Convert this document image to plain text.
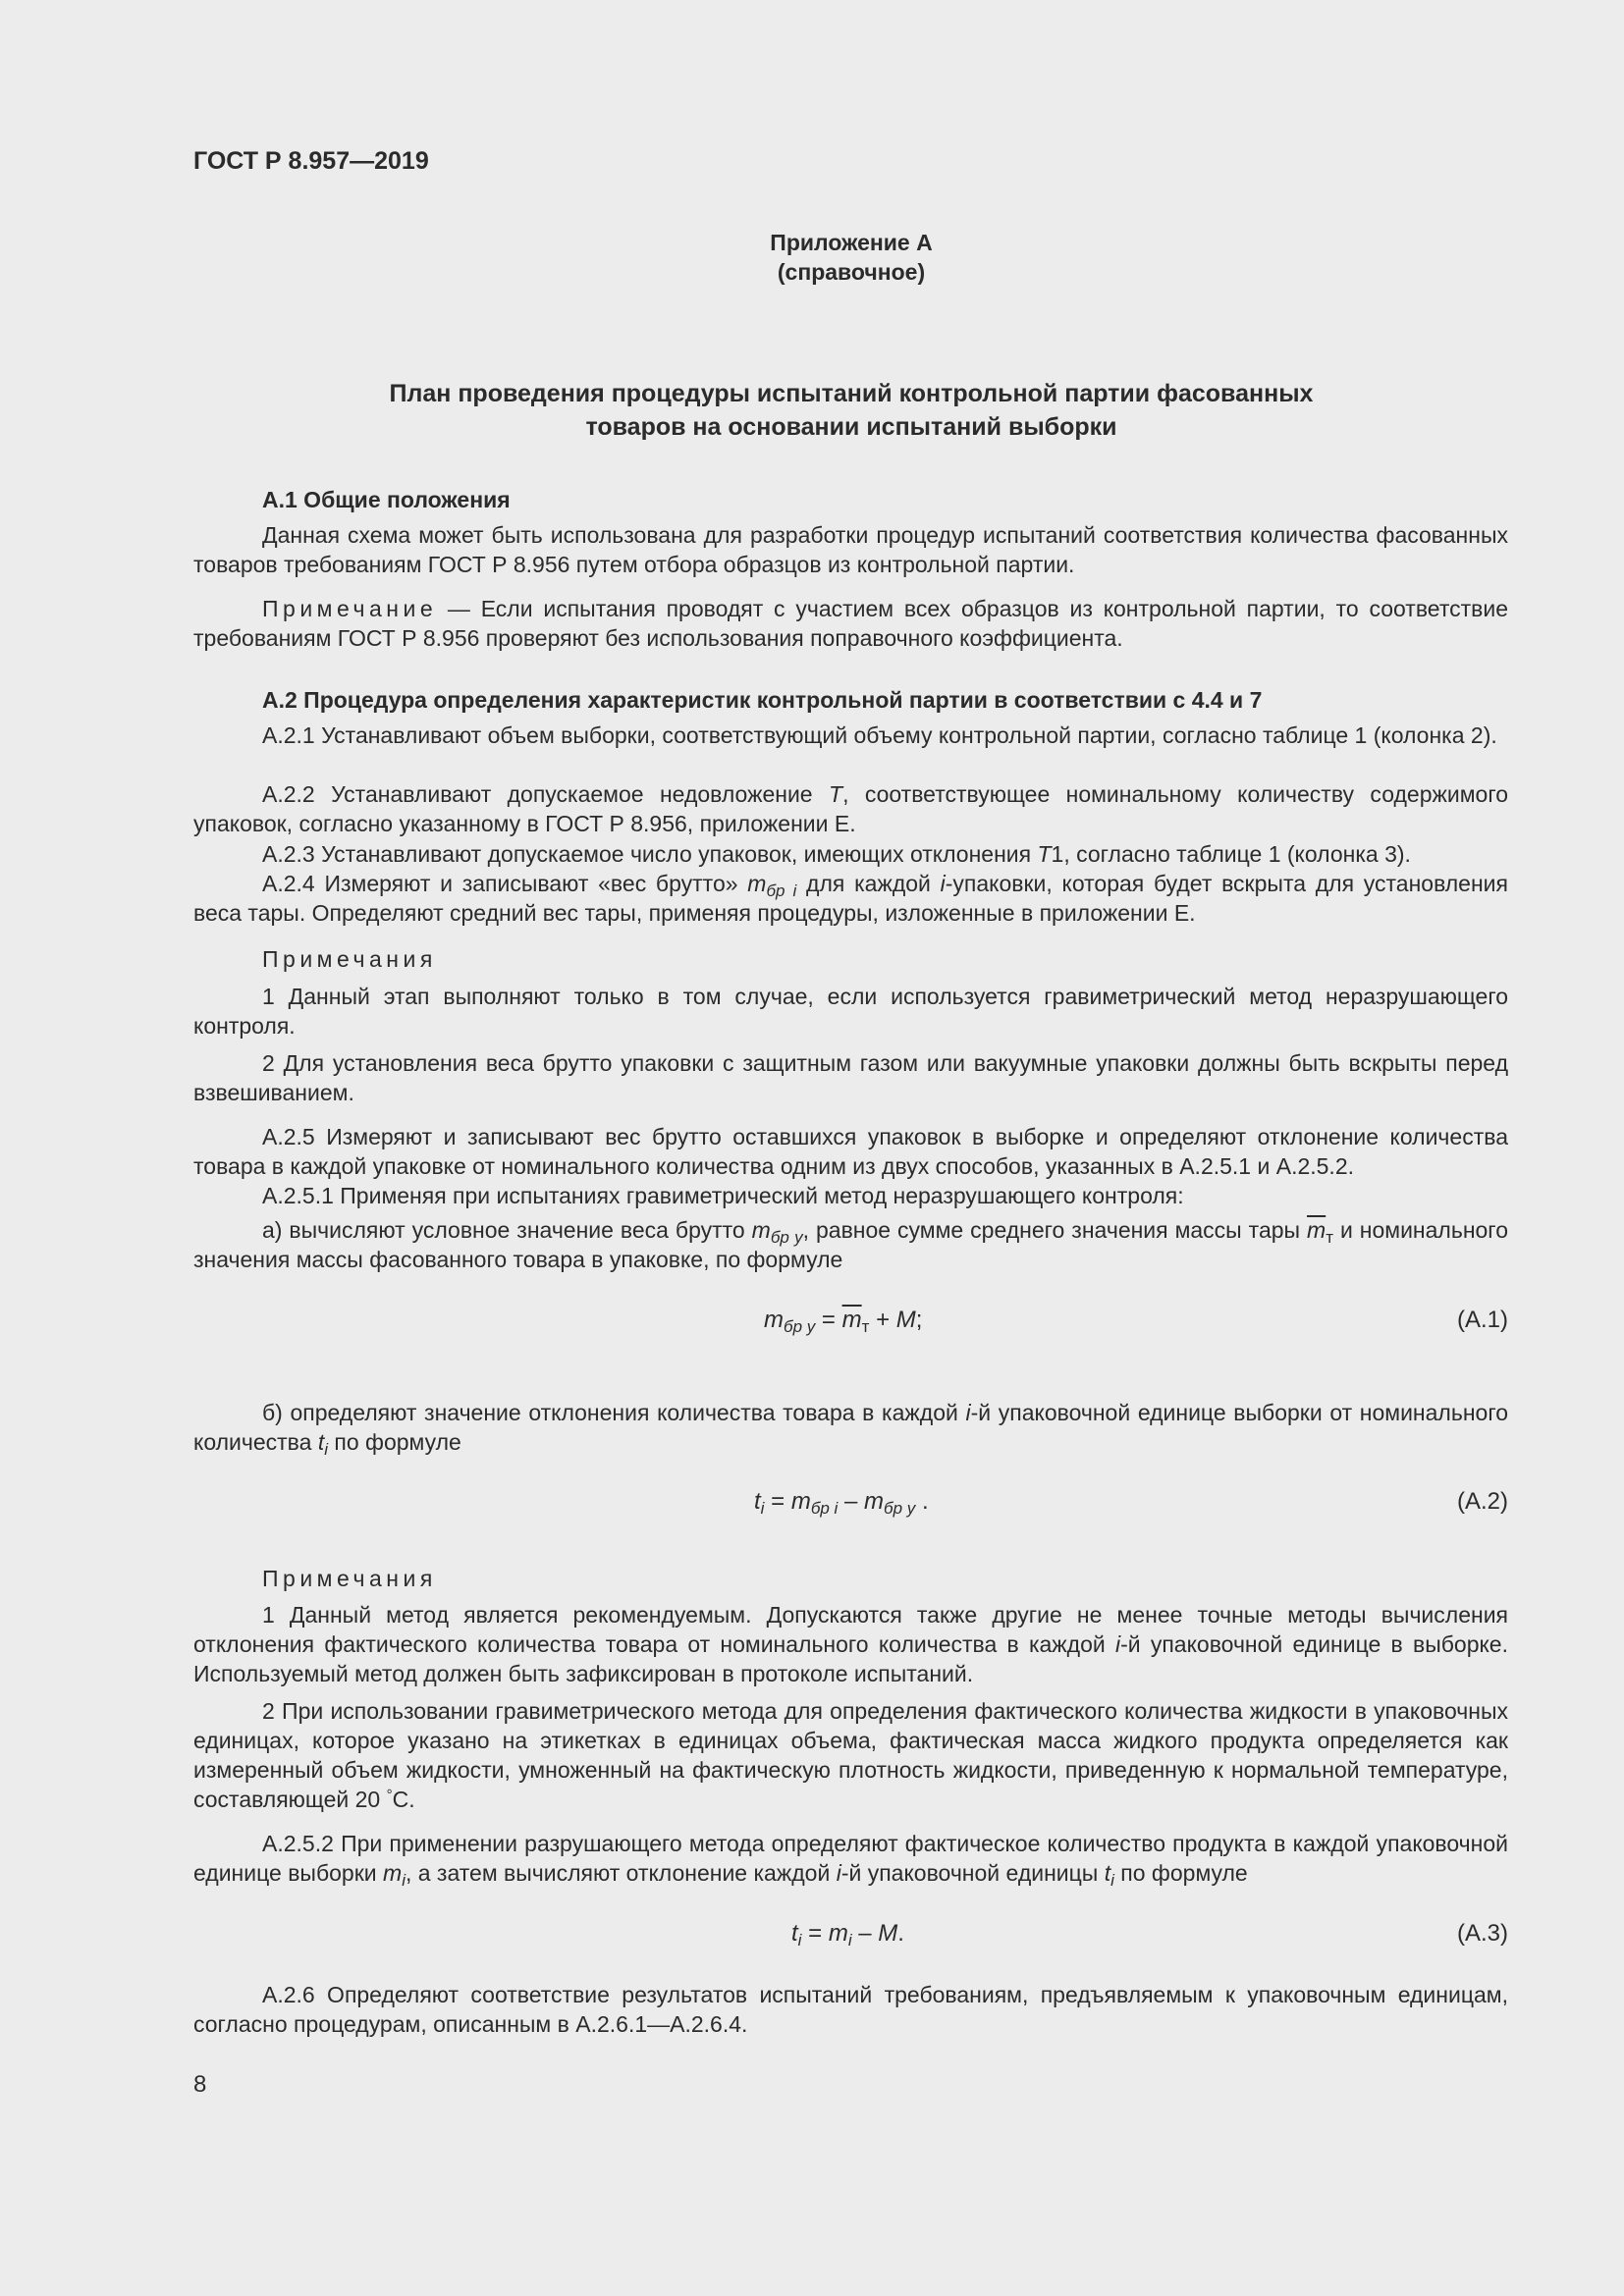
ГОСТ Р 8.957—2019
Приложение А
(справочное)
План проведения процедуры испытаний контрольной партии фасованных
товаров на основании испытаний выборки
А.1 Общие положения
Данная схема может быть использована для разработки процедур испытаний соответствия количества фасованных товаров требованиям ГОСТ Р 8.956 путем отбора образцов из контрольной партии.
Примечание — Если испытания проводят с участием всех образцов из контрольной партии, то соответствие требованиям ГОСТ Р 8.956 проверяют без использования поправочного коэффициента.
А.2 Процедура определения характеристик контрольной партии в соответствии с 4.4 и 7
А.2.1 Устанавливают объем выборки, соответствующий объему контрольной партии, согласно таблице 1 (колонка 2).
А.2.2 Устанавливают допускаемое недовложение T, соответствующее номинальному количеству содержимого упаковок, согласно указанному в ГОСТ Р 8.956, приложении Е.
А.2.3 Устанавливают допускаемое число упаковок, имеющих отклонения T1, согласно таблице 1 (колонка 3).
А.2.4 Измеряют и записывают «вес брутто» $m_{бр i}$ для каждой i-упаковки, которая будет вскрыта для установления веса тары. Определяют средний вес тары, применяя процедуры, изложенные в приложении Е.
Примечания
1 Данный этап выполняют только в том случае, если используется гравиметрический метод неразрушающего контроля.
2 Для установления веса брутто упаковки с защитным газом или вакуумные упаковки должны быть вскрыты перед взвешиванием.
А.2.5 Измеряют и записывают вес брутто оставшихся упаковок в выборке и определяют отклонение количества товара в каждой упаковке от номинального количества одним из двух способов, указанных в А.2.5.1 и А.2.5.2.
А.2.5.1 Применяя при испытаниях гравиметрический метод неразрушающего контроля:
а) вычисляют условное значение веса брутто $m_{бр y}$, равное сумме среднего значения массы тары $\overline{m}_т$ и номинального значения массы фасованного товара в упаковке, по формуле
$m_{бр y} = \overline{m}_т + M$;	(А.1)
б) определяют значение отклонения количества товара в каждой i-й упаковочной единице выборки от номинального количества $t_i$ по формуле
$t_i = m_{бр i} - m_{бр y}$ .	(А.2)
Примечания
1 Данный метод является рекомендуемым. Допускаются также другие не менее точные методы вычисления отклонения фактического количества товара от номинального количества в каждой i-й упаковочной единице в выборке. Используемый метод должен быть зафиксирован в протоколе испытаний.
2 При использовании гравиметрического метода для определения фактического количества жидкости в упаковочных единицах, которое указано на этикетках в единицах объема, фактическая масса жидкого продукта определяется как измеренный объем жидкости, умноженный на фактическую плотность жидкости, приведенную к нормальной температуре, составляющей 20 °С.
А.2.5.2 При применении разрушающего метода определяют фактическое количество продукта в каждой упаковочной единице выборки $m_i$, а затем вычисляют отклонение каждой i-й упаковочной единицы $t_i$ по формуле
$t_i = m_i - M$.	(А.3)
А.2.6 Определяют соответствие результатов испытаний требованиям, предъявляемым к упаковочным единицам, согласно процедурам, описанным в А.2.6.1—А.2.6.4.
8
